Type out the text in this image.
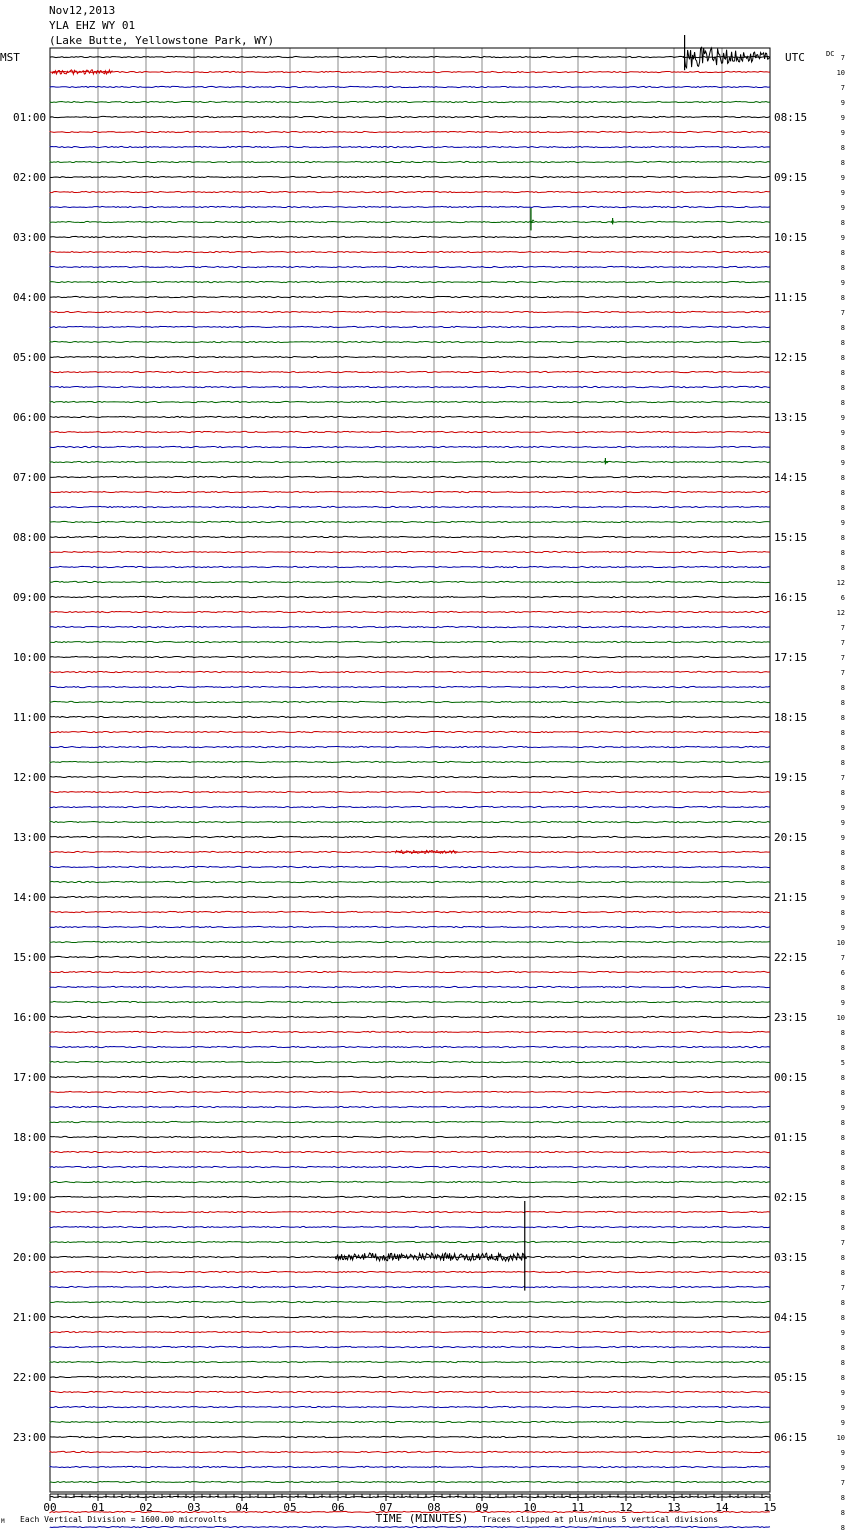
Nov12,2013
YLA EHZ WY 01
(Lake Butte, Yellowstone Park, WY)
MST	UTC	DC
01:00
02:00
03:00
04:00
05:00
06:00
07:00
08:00
09:00
10:00
11:00
12:00
13:00
14:00
15:00
16:00
17:00
18:00
19:00
20:00
21:00
22:00
23:00
08:15
09:15
10:15
11:15
12:15
13:15
14:15
15:15
16:15
17:15
18:15
19:15
20:15
21:15
22:15
23:15
00:15
01:15
02:15
03:15
04:15
05:15
06:15
7
10
7
9
9
9
8
8
9
9
9
8
9
8
8
9
8
7
8
8
8
8
8
8
9
9
8
9
8
8
8
9
8
8
8
12
6
12
7
7
7
7
8
8
8
8
8
8
7
8
9
9
9
8
8
8
9
8
9
10
7
6
8
9
10
8
8
5
8
8
9
8
8
8
8
8
8
8
8
7
8
8
7
8
8
9
8
8
8
9
9
9
10
9
9
7
8
8
8
00	01	02	03	04	05	06	07	08	09	10	11	12	13	14	15
TIME (MINUTES)
Each Vertical Division = 1600.00 microvolts	Traces clipped at plus/minus 5 vertical divisions
M
